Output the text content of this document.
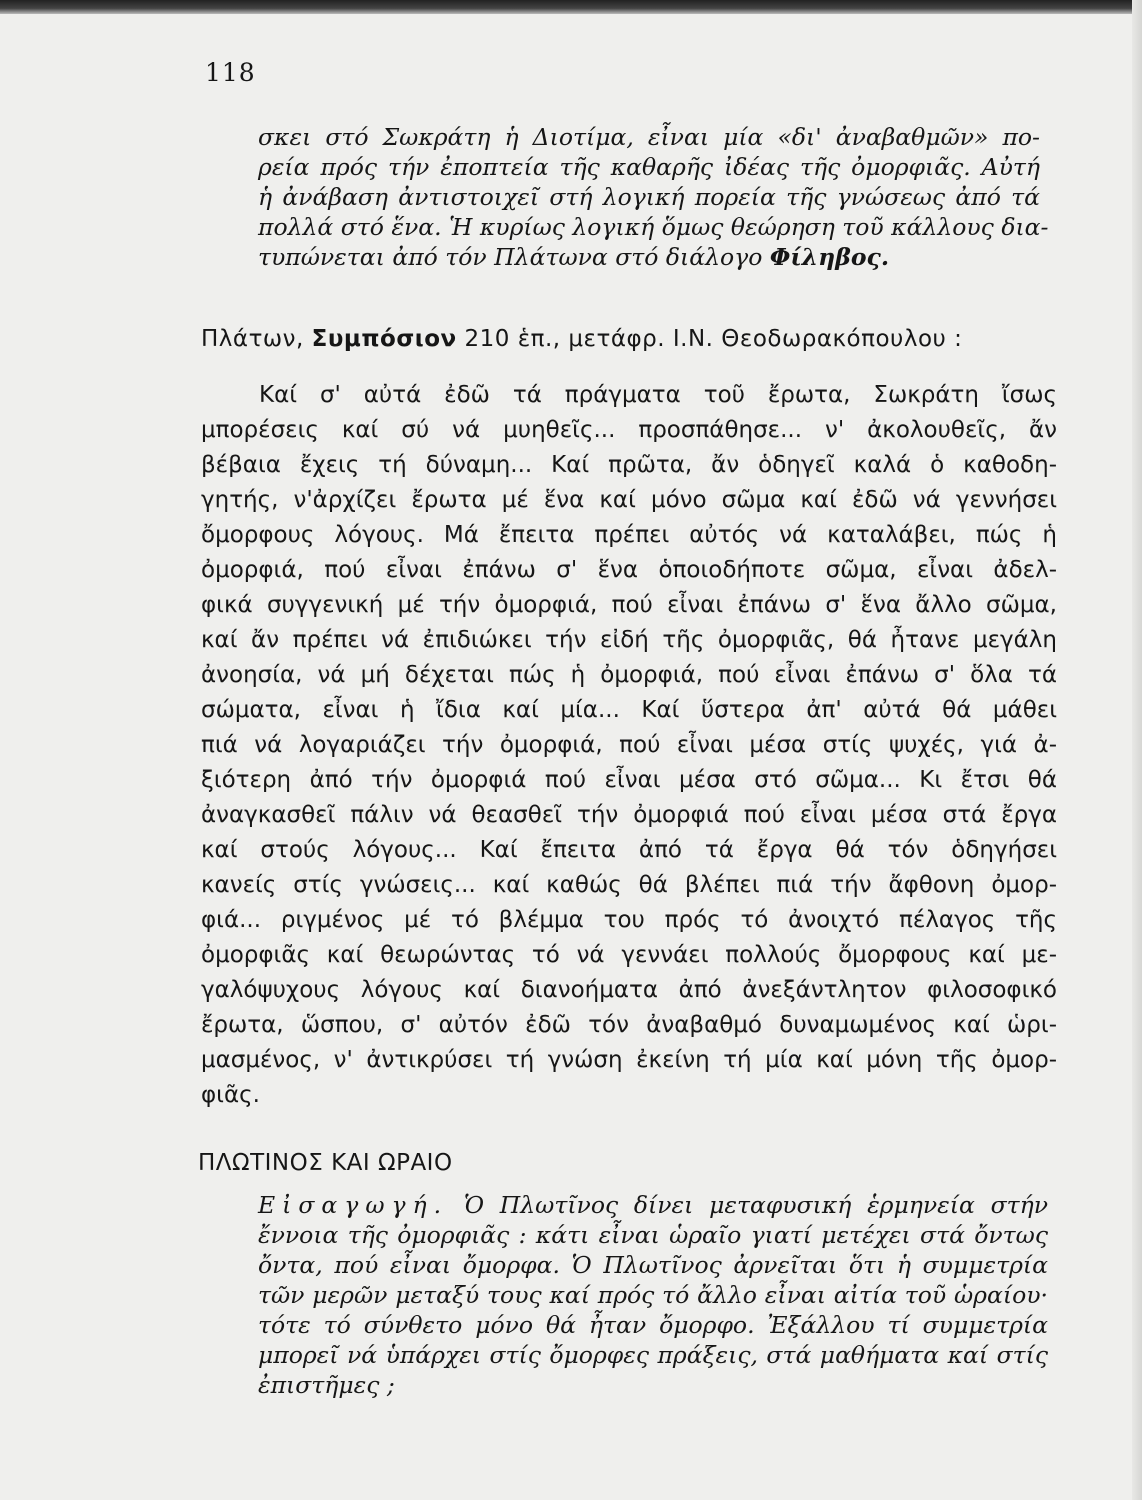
118
σκει στό Σωκράτη ἡ Διοτίμα, εἶναι μία «δι' ἀναβαθμῶν» πο-
ρεία πρός τήν ἐποπτεία τῆς καθαρῆς ἰδέας τῆς ὀμορφιᾶς. Αὐτή
ἡ ἀνάβαση ἀντιστοιχεῖ στή λογική πορεία τῆς γνώσεως ἀπό τά
πολλά στό ἕνα. Ἡ κυρίως λογική ὅμως θεώρηση τοῦ κάλλους δια-
τυπώνεται ἀπό τόν Πλάτωνα στό διάλογο Φίληβος.
Πλάτων, Συμπόσιον 210 ἑπ., μετάφρ. Ι.Ν. Θεοδωρακόπουλου :
Καί σ' αὐτά ἐδῶ τά πράγματα τοῦ ἔρωτα, Σωκράτη ἴσως
μπορέσεις καί σύ νά μυηθεῖς... προσπάθησε... ν' ἀκολουθεῖς, ἄν
βέβαια ἔχεις τή δύναμη... Καί πρῶτα, ἄν ὁδηγεῖ καλά ὁ καθοδη-
γητής, ν'ἀρχίζει ἔρωτα μέ ἕνα καί μόνο σῶμα καί ἐδῶ νά γεννήσει
ὄμορφους λόγους. Μά ἔπειτα πρέπει αὐτός νά καταλάβει, πώς ἡ
ὀμορφιά, πού εἶναι ἐπάνω σ' ἕνα ὁποιοδήποτε σῶμα, εἶναι ἀδελ-
φικά συγγενική μέ τήν ὀμορφιά, πού εἶναι ἐπάνω σ' ἕνα ἄλλο σῶμα,
καί ἄν πρέπει νά ἐπιδιώκει τήν εἰδή τῆς ὀμορφιᾶς, θά ἦτανε μεγάλη
ἀνοησία, νά μή δέχεται πώς ἡ ὀμορφιά, πού εἶναι ἐπάνω σ' ὅλα τά
σώματα, εἶναι ἡ ἴδια καί μία... Καί ὕστερα ἀπ' αὐτά θά μάθει
πιά νά λογαριάζει τήν ὀμορφιά, πού εἶναι μέσα στίς ψυχές, γιά ἀ-
ξιότερη ἀπό τήν ὀμορφιά πού εἶναι μέσα στό σῶμα... Κι ἔτσι θά
ἀναγκασθεῖ πάλιν νά θεασθεῖ τήν ὀμορφιά πού εἶναι μέσα στά ἔργα
καί στούς λόγους... Καί ἔπειτα ἀπό τά ἔργα θά τόν ὁδηγήσει
κανείς στίς γνώσεις... καί καθώς θά βλέπει πιά τήν ἄφθονη ὀμορ-
φιά... ριγμένος μέ τό βλέμμα του πρός τό ἀνοιχτό πέλαγος τῆς
ὀμορφιᾶς καί θεωρώντας τό νά γεννάει πολλούς ὄμορφους καί με-
γαλόψυχους λόγους καί διανοήματα ἀπό ἀνεξάντλητον φιλοσοφικό
ἔρωτα, ὥσπου, σ' αὐτόν ἐδῶ τόν ἀναβαθμό δυναμωμένος καί ὡρι-
μασμένος, ν' ἀντικρύσει τή γνώση ἐκείνη τή μία καί μόνη τῆς ὀμορ-
φιᾶς.
ΠΛΩΤΙΝΟΣ ΚΑΙ ΩΡΑΙΟ
Εἰσαγωγή. Ὁ Πλωτῖνος δίνει μεταφυσική ἑρμηνεία στήν
ἔννοια τῆς ὀμορφιᾶς : κάτι εἶναι ὡραῖο γιατί μετέχει στά ὄντως
ὄντα, πού εἶναι ὄμορφα. Ὁ Πλωτῖνος ἀρνεῖται ὅτι ἡ συμμετρία
τῶν μερῶν μεταξύ τους καί πρός τό ἄλλο εἶναι αἰτία τοῦ ὡραίου·
τότε τό σύνθετο μόνο θά ἦταν ὄμορφο. Ἐξάλλου τί συμμετρία
μπορεῖ νά ὑπάρχει στίς ὄμορφες πράξεις, στά μαθήματα καί στίς
ἐπιστῆμες ;
